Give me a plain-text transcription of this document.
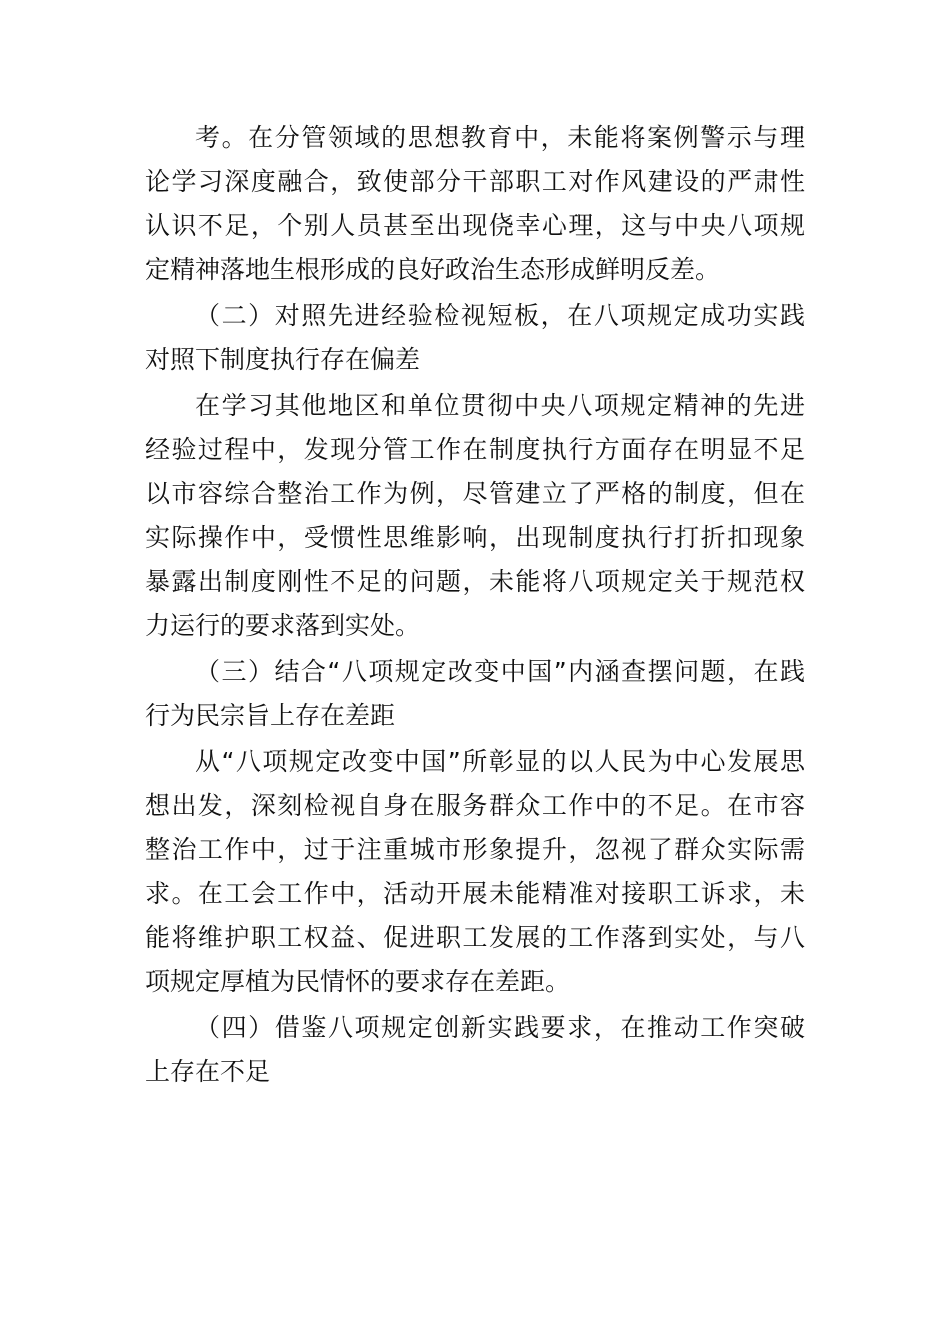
考。在分管领域的思想教育中，未能将案例警示与理
论学习深度融合，致使部分干部职工对作风建设的严肃性
认识不足，个别人员甚至出现侥幸心理，这与中央八项规
定精神落地生根形成的良好政治生态形成鲜明反差。
（二）对照先进经验检视短板，在八项规定成功实践
对照下制度执行存在偏差
在学习其他地区和单位贯彻中央八项规定精神的先进
经验过程中，发现分管工作在制度执行方面存在明显不足
以市容综合整治工作为例，尽管建立了严格的制度，但在
实际操作中，受惯性思维影响，出现制度执行打折扣现象
暴露出制度刚性不足的问题，未能将八项规定关于规范权
力运行的要求落到实处。
（三）结合“八项规定改变中国”内涵查摆问题，在践
行为民宗旨上存在差距
从“八项规定改变中国”所彰显的以人民为中心发展思
想出发，深刻检视自身在服务群众工作中的不足。在市容
整治工作中，过于注重城市形象提升，忽视了群众实际需
求。在工会工作中，活动开展未能精准对接职工诉求，未
能将维护职工权益、促进职工发展的工作落到实处，与八
项规定厚植为民情怀的要求存在差距。
（四）借鉴八项规定创新实践要求，在推动工作突破
上存在不足
